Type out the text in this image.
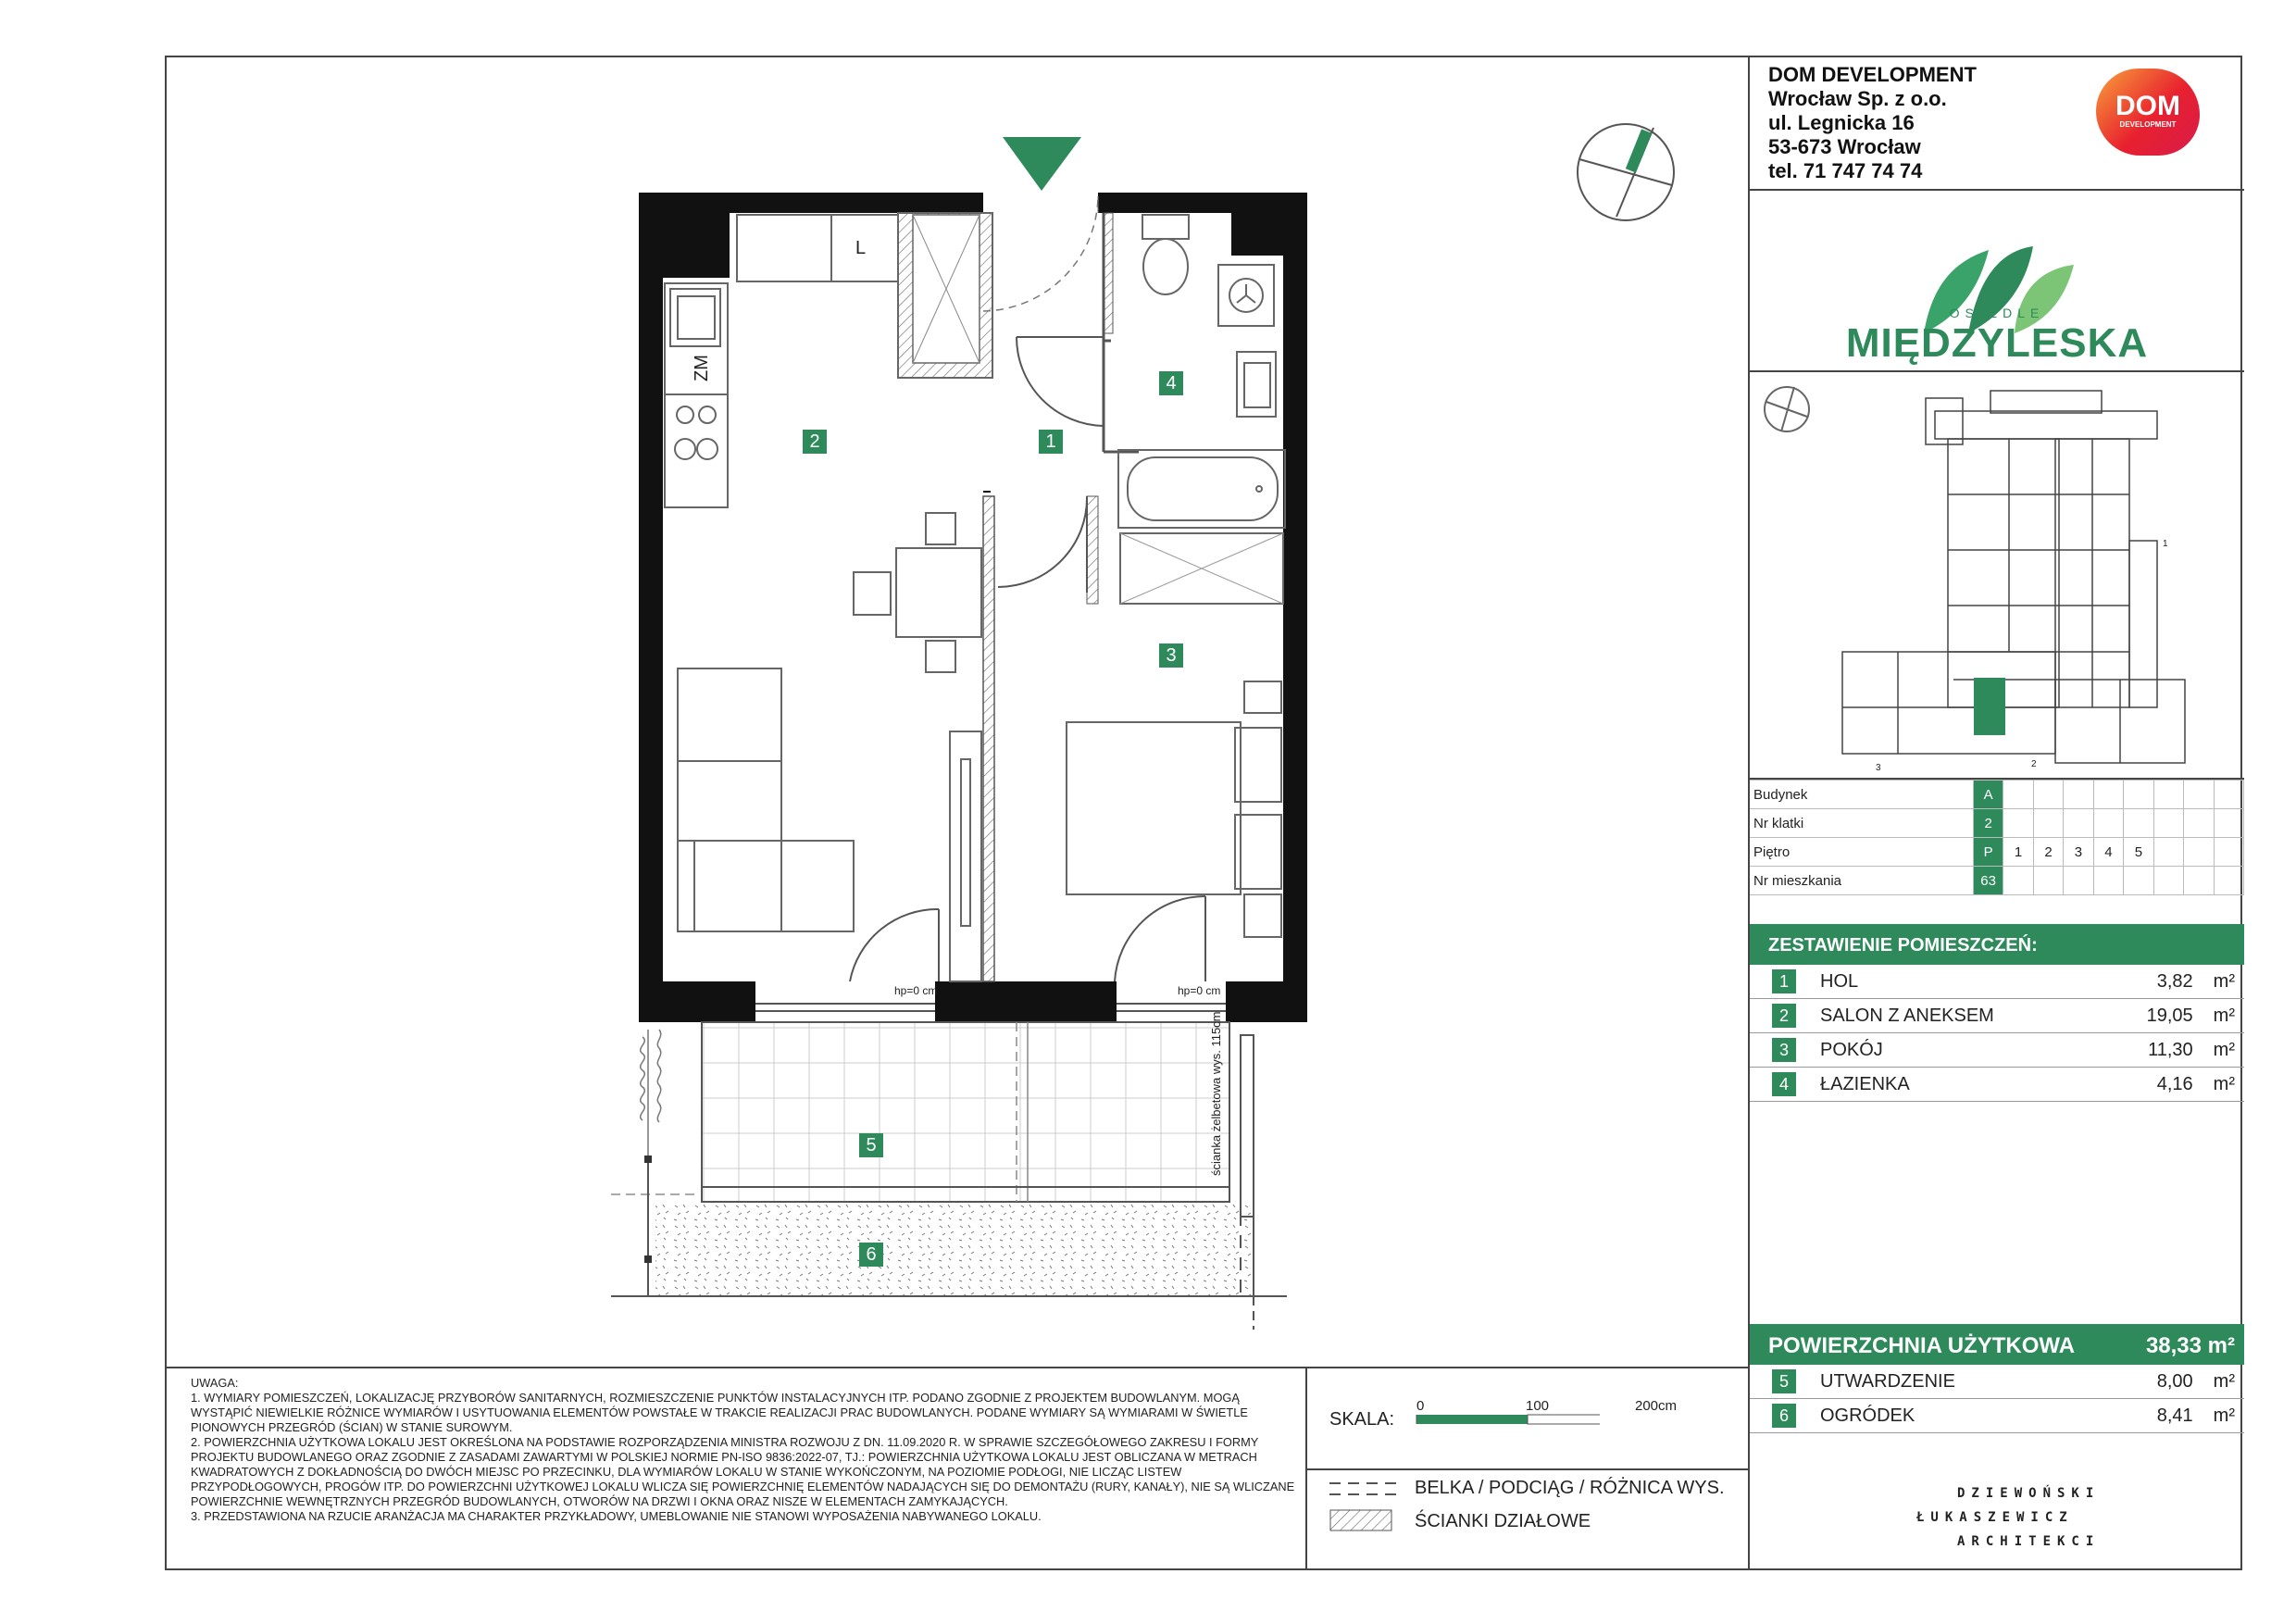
L
ZM
hp=0 cm	hp=0 cm
ścianka żelbetowa wys. 115cm
1
2
3
4
5
6
DOM DEVELOPMENT
Wrocław Sp. z o.o.
ul. Legnicka 16
53-673 Wrocław
tel. 71 747 74 74
DOM
DEVELOPMENT
OSIEDLE
MIĘDZYLESKA
3
1
2
Budynek	A								
Nr klatki	2								
Piętro	P	1	2	3	4	5			
Nr mieszkania	63								
ZESTAWIENIE POMIESZCZEŃ:
1	HOL	3,82 m²
2	SALON Z ANEKSEM	19,05 m²
3	POKÓJ	11,30 m²
4	ŁAZIENKA	4,16 m²
POWIERZCHNIA UŻYTKOWA	38,33 m²
5	UTWARDZENIE	8,00 m²
6	OGRÓDEK	8,41 m²

UWAGA:

1. WYMIARY POMIESZCZEŃ, LOKALIZACJĘ PRZYBORÓW SANITARNYCH, ROZMIESZCZENIE PUNKTÓW INSTALACYJNYCH ITP. PODANO ZGODNIE Z PROJEKTEM BUDOWLANYM. MOGĄ WYSTĄPIĆ NIEWIELKIE RÓŻNICE WYMIARÓW I USYTUOWANIA ELEMENTÓW POWSTAŁE W TRAKCIE REALIZACJI PRAC BUDOWLANYCH. PODANE WYMIARY SĄ WYMIARAMI W ŚWIETLE PIONOWYCH PRZEGRÓD (ŚCIAN) W STANIE SUROWYM.

2. POWIERZCHNIA UŻYTKOWA LOKALU JEST OKREŚLONA NA PODSTAWIE ROZPORZĄDZENIA MINISTRA ROZWOJU Z DN. 11.09.2020 R. W SPRAWIE SZCZEGÓŁOWEGO ZAKRESU I FORMY PROJEKTU BUDOWLANEGO ORAZ ZGODNIE Z ZASADAMI ZAWARTYMI W POLSKIEJ NORMIE PN-ISO 9836:2022-07, TJ.: POWIERZCHNIA UŻYTKOWA LOKALU JEST OBLICZANA W METRACH KWADRATOWYCH Z DOKŁADNOŚCIĄ DO DWÓCH MIEJSC PO PRZECINKU, DLA WYMIARÓW LOKALU W STANIE WYKOŃCZONYM, NA POZIOMIE PODŁOGI, NIE LICZĄC LISTEW PRZYPODŁOGOWYCH, PROGÓW ITP. DO POWIERZCHNI UŻYTKOWEJ LOKALU WLICZA SIĘ POWIERZCHNIĘ ELEMENTÓW NADAJĄCYCH SIĘ DO DEMONTAŻU (RURY, KANAŁY), NIE SĄ WLICZANE POWIERZCHNIE WEWNĘTRZNYCH PRZEGRÓD BUDOWLANYCH, OTWORÓW NA DRZWI I OKNA ORAZ NISZE W ELEMENTACH ZAMYKAJĄCYCH.

3. PRZEDSTAWIONA NA RZUCIE ARANŻACJA MA CHARAKTER PRZYKŁADOWY, UMEBLOWANIE NIE STANOWI WYPOSAŻENIA NABYWANEGO LOKALU.

SKALA:
0	100	200cm
BELKA / PODCIĄG / RÓŻNICA WYS.
ŚCIANKI DZIAŁOWE
DZIEWOŃSKI
ŁUKASZEWICZ
ARCHITEKCI
